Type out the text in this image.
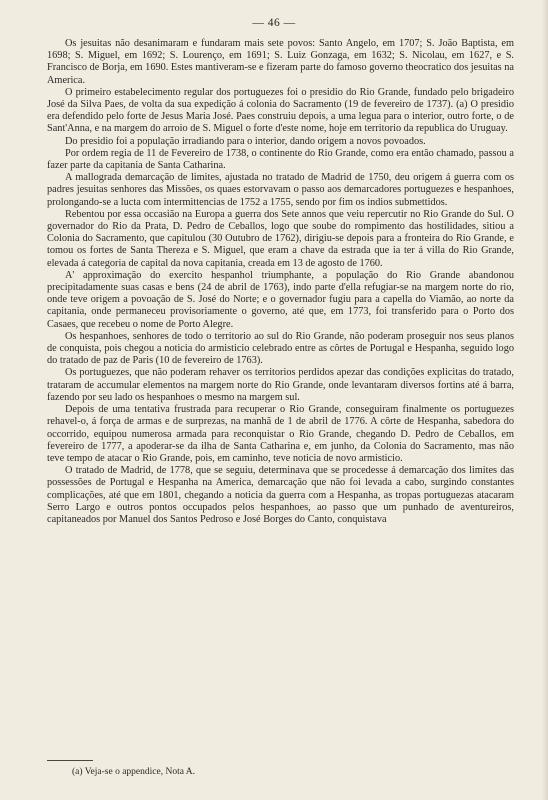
— 46 —

Os jesuitas não desanimaram e fundaram mais sete povos: Santo Angelo, em 1707; S. João Baptista, em 1698; S. Miguel, em 1692; S. Lourenço, em 1691; S. Luiz Gonzaga, em 1632; S. Nicolau, em 1627, e S. Francisco de Borja, em 1690. Estes mantiveram-se e fizeram parte do famoso governo theocratico dos jesuitas na America.

O primeiro estabelecimento regular dos portuguezes foi o presidio do Rio Grande, fundado pelo brigadeiro José da Silva Paes, de volta da sua expedição á colonia do Sacramento (19 de fevereiro de 1737). (a) O presidio era defendido pelo forte de Jesus Maria José. Paes construiu depois, a uma legua para o interior, outro forte, o de Sant'Anna, e na margem do arroio de S. Miguel o forte d'este nome, hoje em territorio da republica do Uruguay.

Do presidio foi a população irradiando para o interior, dando origem a novos povoados.

Por ordem regia de 11 de Fevereiro de 1738, o continente do Rio Grande, como era então chamado, passou a fazer parte da capitania de Santa Catharina.

A mallograda demarcação de limites, ajustada no tratado de Madrid de 1750, deu origem á guerra com os padres jesuitas senhores das Missões, os quaes estorvavam o passo aos demarcadores portuguezes e hespanhoes, prolongando-se a lucta com intermittencias de 1752 a 1755, sendo por fim os indios submettidos.

Rebentou por essa occasião na Europa a guerra dos Sete annos que veiu repercutir no Rio Grande do Sul. O governador do Rio da Prata, D. Pedro de Ceballos, logo que soube do rompimento das hostilidades, sitiou a Colonia do Sacramento, que capitulou (30 Outubro de 1762), dirigiu-se depois para a fronteira do Rio Grande, e tomou os fortes de Santa Thereza e S. Miguel, que eram a chave da estrada que ia ter á villa do Rio Grande, elevada á categoria de capital da nova capitania, creada em 13 de agosto de 1760.

A' approximação do exercito hespanhol triumphante, a população do Rio Grande abandonou precipitadamente suas casas e bens (24 de abril de 1763), indo parte d'ella refugiar-se na margem norte do rio, onde teve origem a povoação de S. José do Norte; e o governador fugiu para a capella do Viamão, ao norte da capitania, onde permaneceu provisoriamente o governo, até que, em 1773, foi transferido para o Porto dos Casaes, que recebeu o nome de Porto Alegre.

Os hespanhoes, senhores de todo o territorio ao sul do Rio Grande, não poderam proseguir nos seus planos de conquista, pois chegou a noticia do armisticio celebrado entre as côrtes de Portugal e Hespanha, seguido logo do tratado de paz de Paris (10 de fevereiro de 1763).

Os portuguezes, que não poderam rehaver os territorios perdidos apezar das condições explicitas do tratado, trataram de accumular elementos na margem norte do Rio Grande, onde levantaram diversos fortins até á barra, fazendo por seu lado os hespanhoes o mesmo na margem sul.

Depois de uma tentativa frustrada para recuperar o Rio Grande, conseguiram finalmente os portuguezes rehavel-o, á força de armas e de surprezas, na manhã de 1 de abril de 1776. A côrte de Hespanha, sabedora do occorrido, equipou numerosa armada para reconquistar o Rio Grande, chegando D. Pedro de Ceballos, em fevereiro de 1777, a apoderar-se da ilha de Santa Catharina e, em junho, da Colonia do Sacramento, mas não teve tempo de atacar o Rio Grande, pois, em caminho, teve noticia de novo armisticio.

O tratado de Madrid, de 1778, que se seguiu, determinava que se procedesse á demarcação dos limites das possessões de Portugal e Hespanha na America, demarcação que não foi levada a cabo, surgindo constantes complicações, até que em 1801, chegando a noticia da guerra com a Hespanha, as tropas portuguezas atacaram Serro Largo e outros pontos occupados pelos hespanhoes, ao passo que um punhado de aventureiros, capitaneados por Manuel dos Santos Pedroso e José Borges do Canto, conquistava

(a) Veja-se o appendice, Nota A.
